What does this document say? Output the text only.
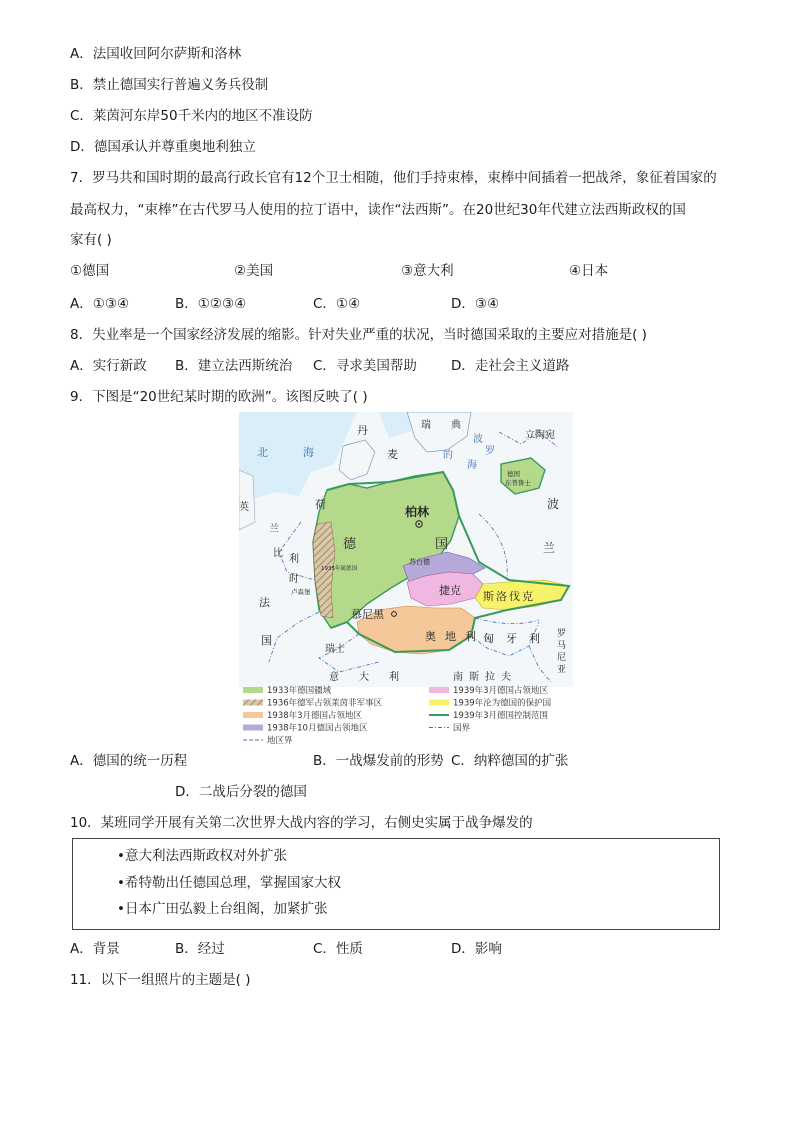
A．法国收回阿尔萨斯和洛林
B．禁止德国实行普遍义务兵役制
C．莱茵河东岸50千米内的地区不准设防
D．德国承认并尊重奥地利独立
7．罗马共和国时期的最高行政长官有12个卫士相随，他们手持束棒，束棒中间插着一把战斧，象征着国家的
最高权力，“束棒”在古代罗马人使用的拉丁语中，读作“法西斯”。在20世纪30年代建立法西斯政权的国
家有( )
①德国	②美国	③意大利	④日本
A．①③④	B．①②③④	C．①④	D．③④
8．失业率是一个国家经济发展的缩影。针对失业严重的状况，当时德国采取的主要应对措施是( )
A．实行新政 B．建立法西斯统治 C．寻求美国帮助	D．走社会主义道路
9．下图是“20世纪某时期的欧洲”。该图反映了( )
丹
麦
瑞 典
北	海
波
罗
的
海
立陶宛
德国
东普鲁士
英	荷
兰
比
利
时
卢森堡
法
国
柏林
德	国
波
兰
苏台德
捷克 斯洛伐克
1935年属德国
慕尼黑
奥地利
匈牙利
瑞士
罗
马
尼
亚
意大利	南斯拉夫
1933年德国疆域	1939年3月德国占领地区
1936年德军占领莱茵非军事区	1939年沦为德国的保护国
1938年3月德国占领地区	1939年3月德国控制范围
1938年10月德国占领地区	国界
地区界
A．德国的统一历程	B．一战爆发前的形势 C．纳粹德国的扩张
D．二战后分裂的德国
10．某班同学开展有关第二次世界大战内容的学习，右侧史实属于战争爆发的
•意大利法西斯政权对外扩张
•希特勒出任德国总理，掌握国家大权
•日本广田弘毅上台组阁，加紧扩张
A．背景	B．经过	C．性质	D．影响
11．以下一组照片的主题是( )
